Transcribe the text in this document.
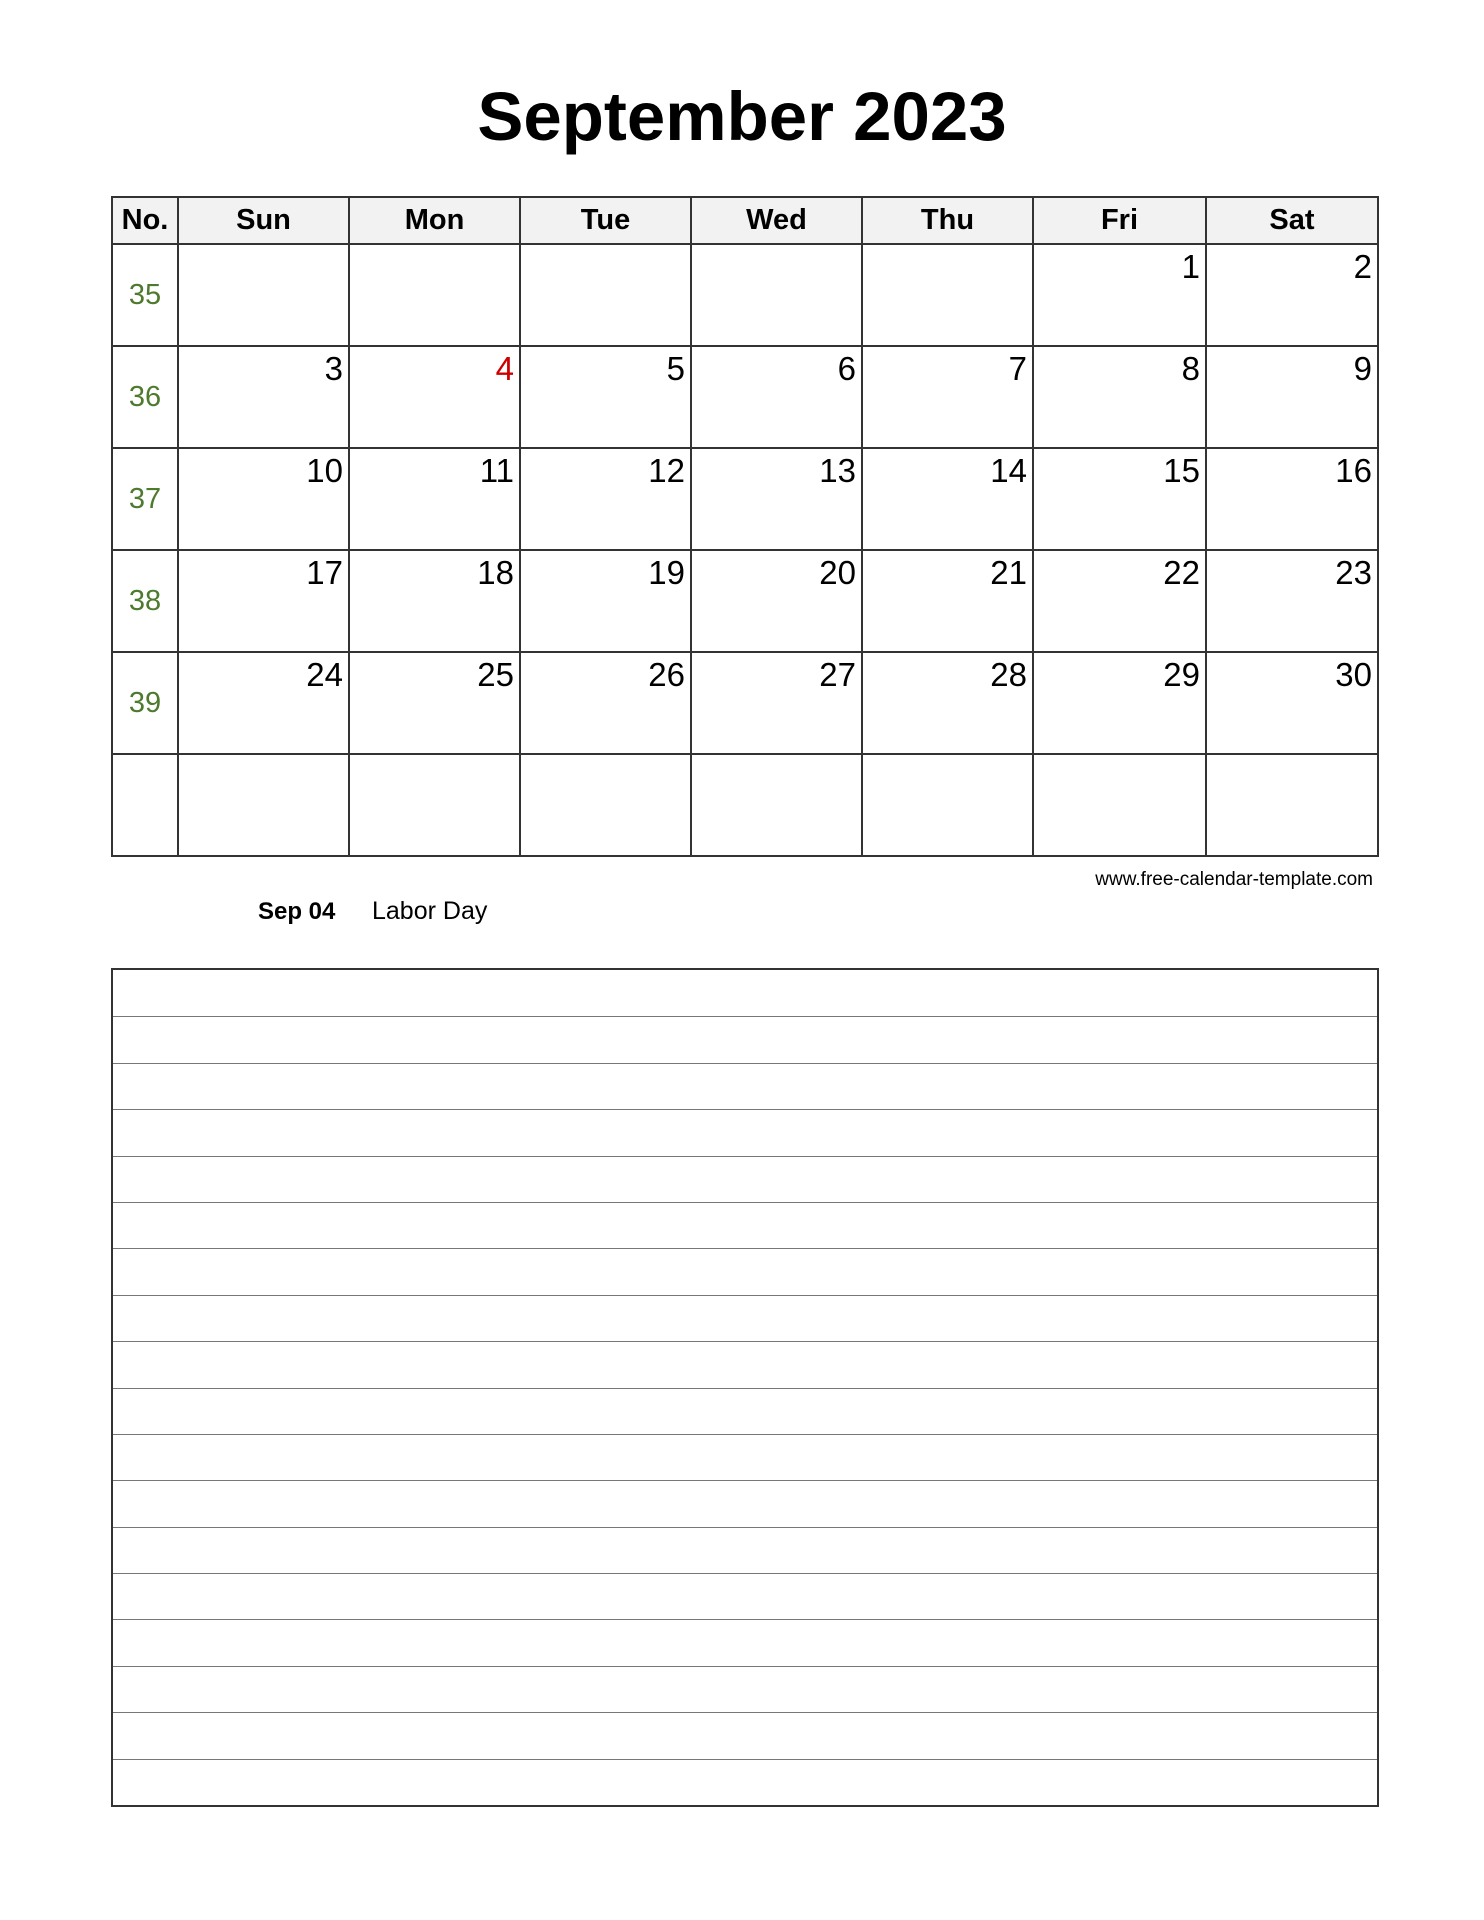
September 2023
No.	Sun	Mon	Tue	Wed	Thu	Fri	Sat
35						1	2

36	3	4	5	6	7	8	9

37	10	11	12	13	14	15	16

38	17	18	19	20	21	22	23

39	24	25	26	27	28	29	30

www.free-calendar-template.com
Sep 04 Labor Day
